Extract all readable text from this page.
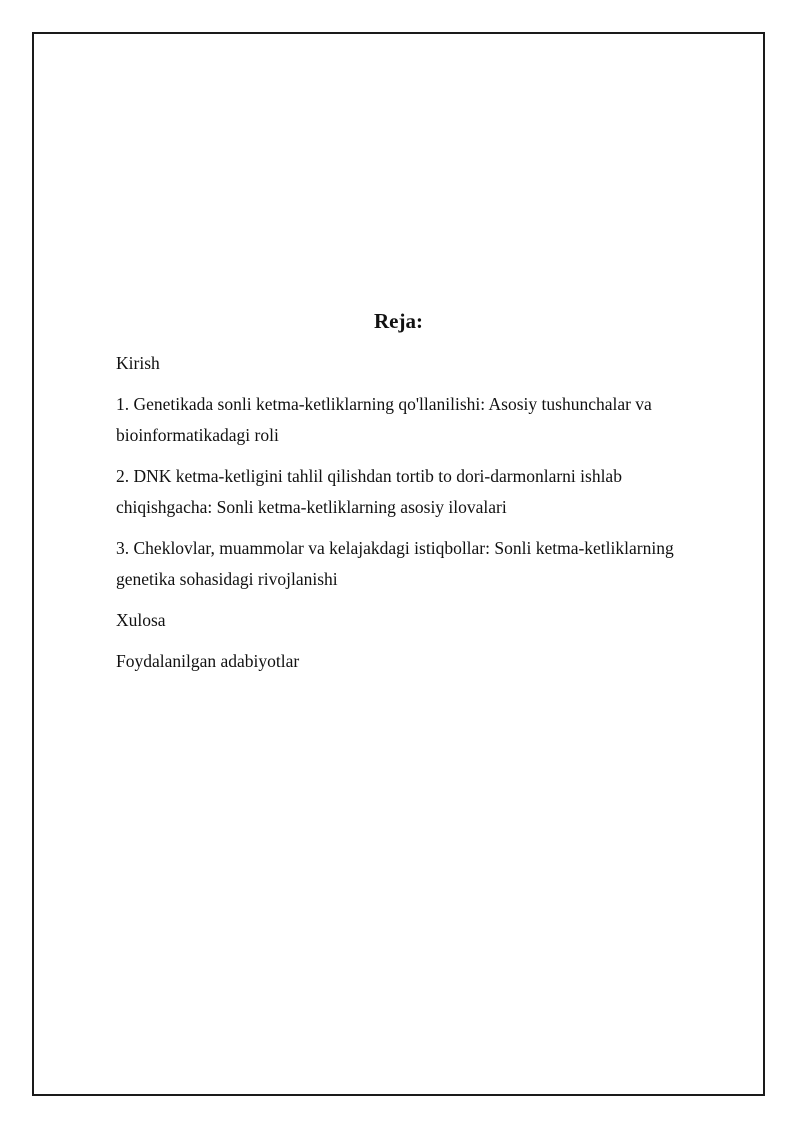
Reja:

Kirish

1. Genetikada sonli ketma-ketliklarning qo'llanilishi: Asosiy tushunchalar va
bioinformatikadagi roli

2. DNK ketma-ketligini tahlil qilishdan tortib to dori-darmonlarni ishlab
chiqishgacha: Sonli ketma-ketliklarning asosiy ilovalari

3. Cheklovlar, muammolar va kelajakdagi istiqbollar: Sonli ketma-ketliklarning
genetika sohasidagi rivojlanishi

Xulosa

Foydalanilgan adabiyotlar
